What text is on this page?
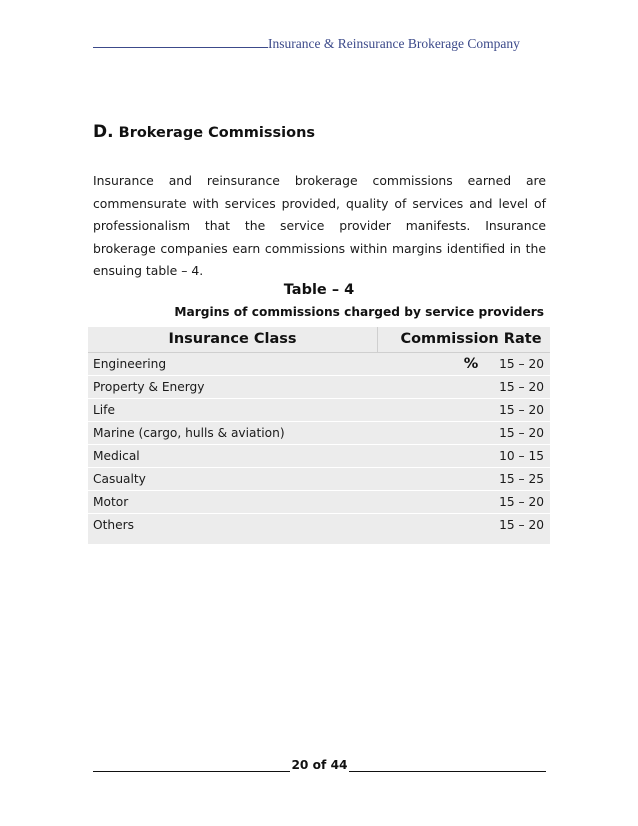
Insurance & Reinsurance Brokerage Company
D. Brokerage Commissions
Insurance and reinsurance brokerage commissions earned are commensurate with services provided, quality of services and level of professionalism that the service provider manifests. Insurance brokerage companies earn commissions within margins identified in the ensuing table – 4.
Table – 4
Margins of commissions charged by service providers
Insurance Class	Commission Rate %
Engineering	15 – 20
Property & Energy	15 – 20
Life	15 – 20
Marine (cargo, hulls & aviation)	15 – 20
Medical	10 – 15
Casualty	15 – 25
Motor	15 – 20
Others	15 – 20
20 of 44
